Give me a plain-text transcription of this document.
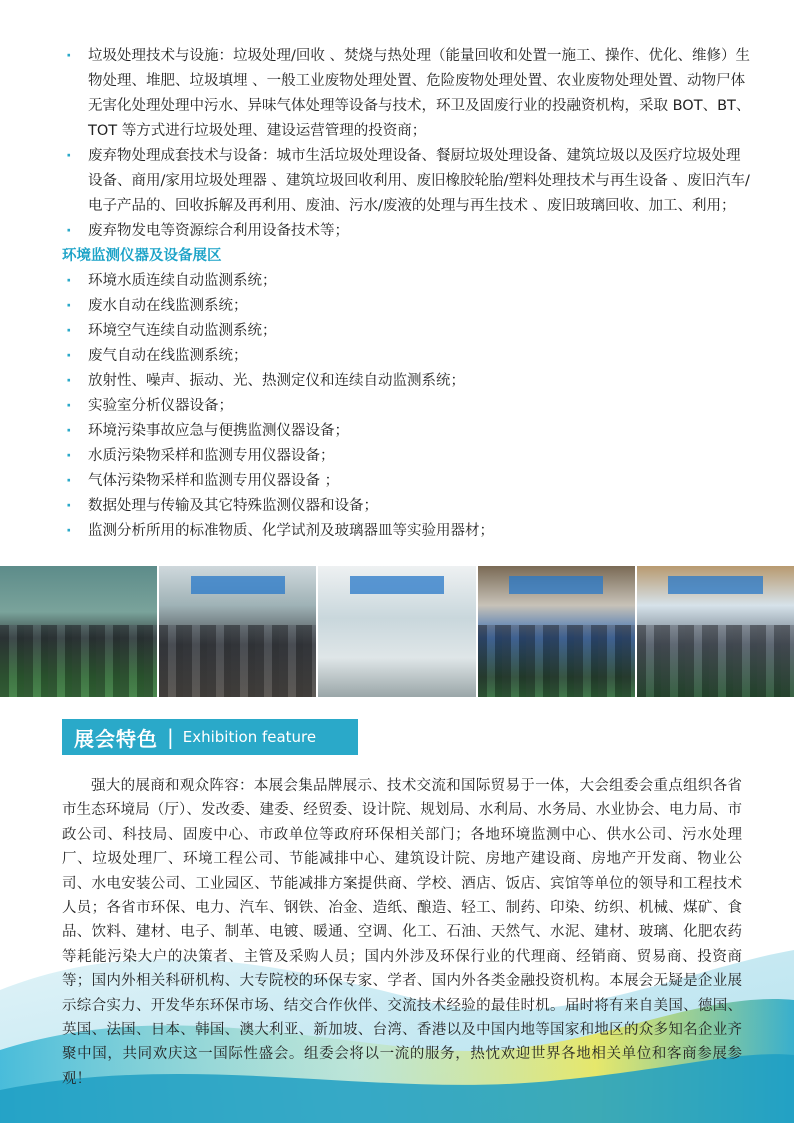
· 垃圾处理技术与设施：垃圾处理/回收 、焚烧与热处理（能量回收和处置一施工、操作、优化、维修）生物处理、堆肥、垃圾填埋 、一般工业废物处理处置、危险废物处理处置、农业废物处理处置、动物尸体无害化处理处理中污水、异味气体处理等设备与技术，环卫及固废行业的投融资机构，采取 BOT、BT、TOT 等方式进行垃圾处理、建设运营管理的投资商；

· 废弃物处理成套技术与设备：城市生活垃圾处理设备、餐厨垃圾处理设备、建筑垃圾以及医疗垃圾处理设备、商用/家用垃圾处理器 、建筑垃圾回收利用、废旧橡胶轮胎/塑料处理技术与再生设备 、废旧汽车/电子产品的、回收拆解及再利用、废油、污水/废液的处理与再生技术 、废旧玻璃回收、加工、利用；

· 废弃物发电等资源综合利用设备技术等；

环境监测仪器及设备展区

· 环境水质连续自动监测系统；

· 废水自动在线监测系统；

· 环境空气连续自动监测系统；

· 废气自动在线监测系统；

· 放射性、噪声、振动、光、热测定仪和连续自动监测系统；

· 实验室分析仪器设备；

· 环境污染事故应急与便携监测仪器设备；

· 水质污染物采样和监测专用仪器设备；

· 气体污染物采样和监测专用仪器设备 ；

· 数据处理与传输及其它特殊监测仪器和设备；

· 监测分析所用的标准物质、化学试剂及玻璃器皿等实验用器材；

展会特色 | Exhibition feature

强大的展商和观众阵容：本展会集品牌展示、技术交流和国际贸易于一体，大会组委会重点组织各省市生态环境局（厅）、发改委、建委、经贸委、设计院、规划局、水利局、水务局、水业协会、电力局、市政公司、科技局、固废中心、市政单位等政府环保相关部门；各地环境监测中心、供水公司、污水处理厂、垃圾处理厂、环境工程公司、节能减排中心、建筑设计院、房地产建设商、房地产开发商、物业公司、水电安装公司、工业园区、节能减排方案提供商、学校、酒店、饭店、宾馆等单位的领导和工程技术人员；各省市环保、电力、汽车、钢铁、冶金、造纸、酿造、轻工、制药、印染、纺织、机械、煤矿、食品、饮料、建材、电子、制革、电镀、暖通、空调、化工、石油、天然气、水泥、建材、玻璃、化肥农药等耗能污染大户的决策者、主管及采购人员；国内外涉及环保行业的代理商、经销商、贸易商、投资商等；国内外相关科研机构、大专院校的环保专家、学者、国内外各类金融投资机构。本展会无疑是企业展示综合实力、开发华东环保市场、结交合作伙伴、交流技术经验的最佳时机。届时将有来自美国、德国、英国、法国、日本、韩国、澳大利亚、新加坡、台湾、香港以及中国内地等国家和地区的众多知名企业齐聚中国，共同欢庆这一国际性盛会。组委会将以一流的服务，热忱欢迎世界各地相关单位和客商参展参观！
